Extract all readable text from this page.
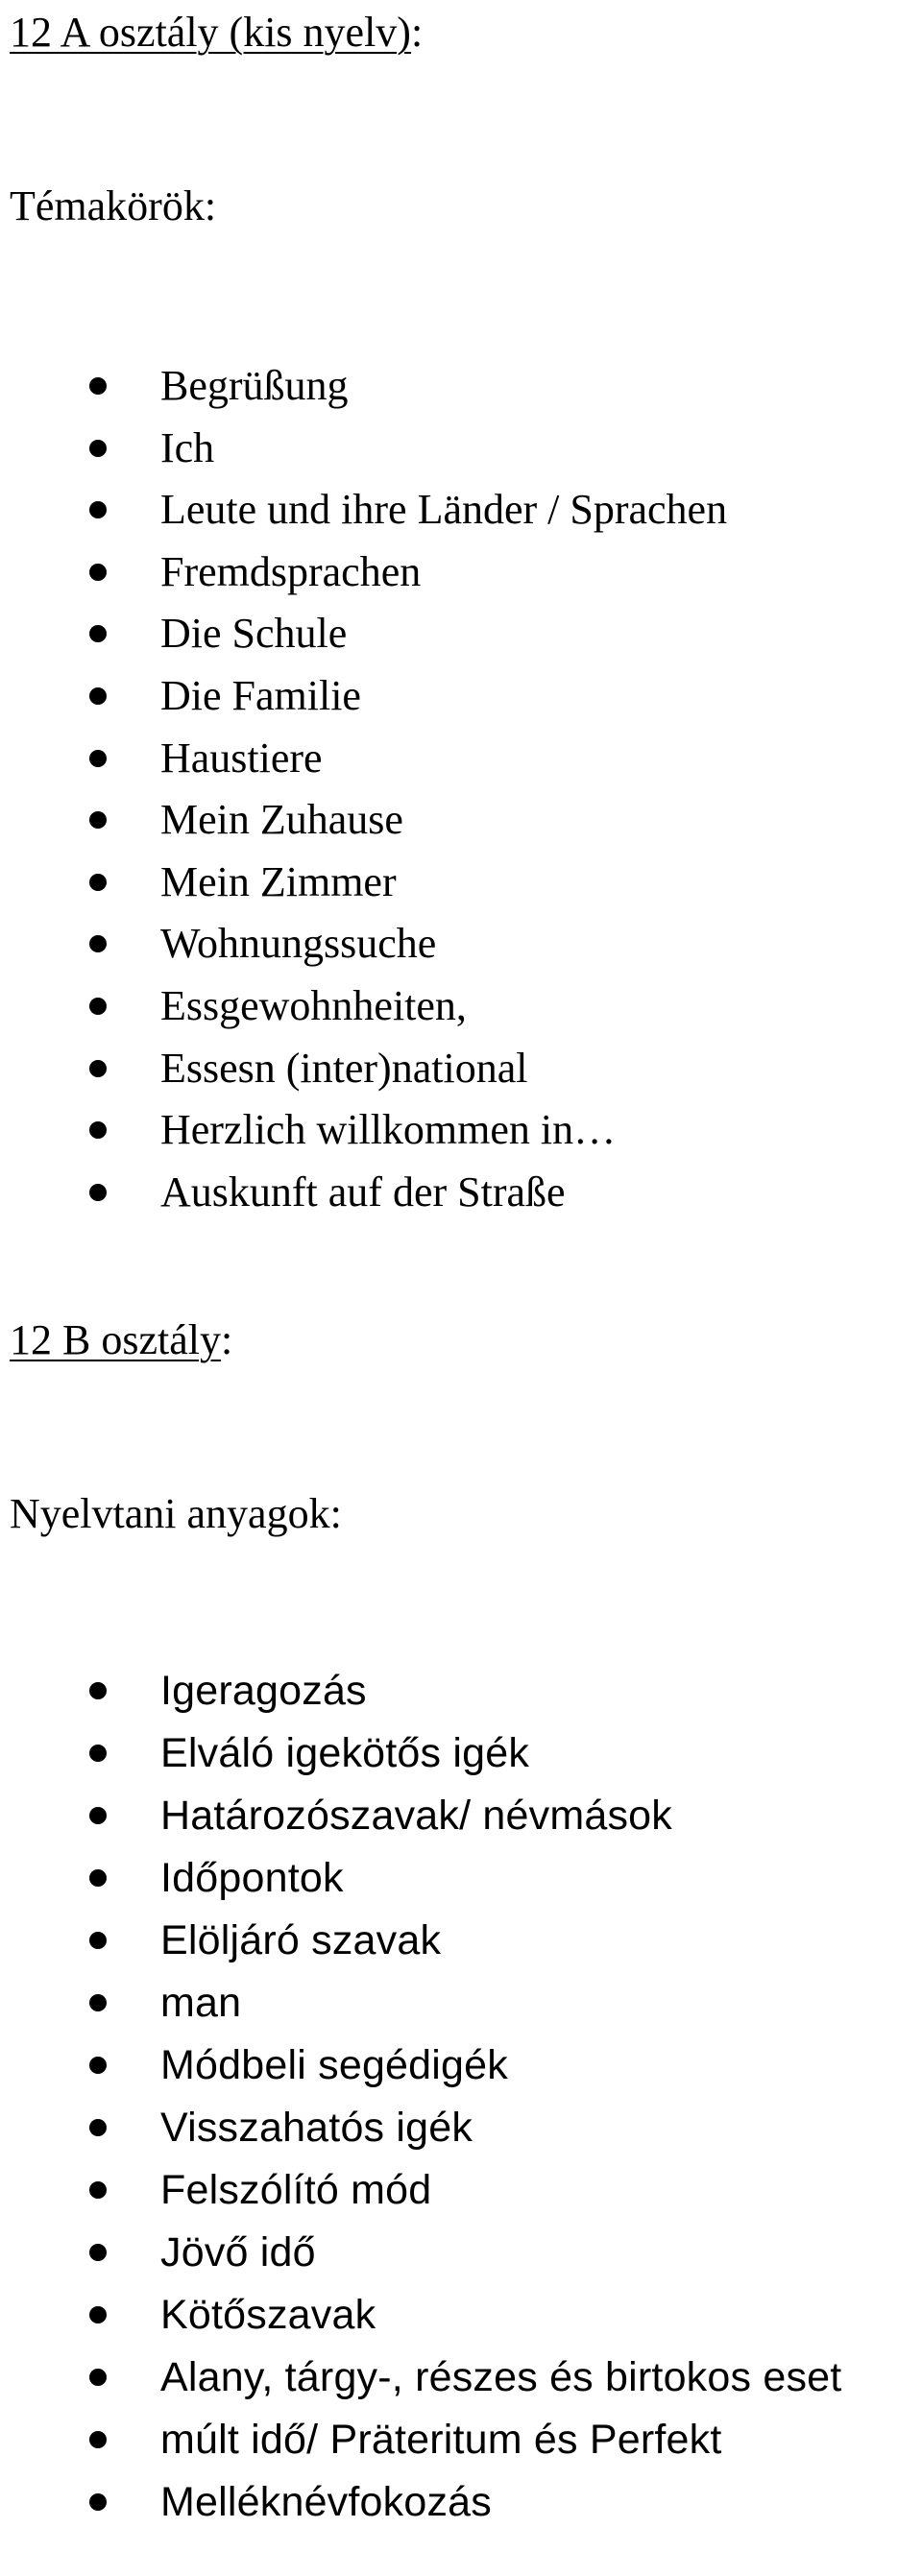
12 A osztály (kis nyelv):

Témakörök:

Begrüßung
Ich
Leute und ihre Länder / Sprachen
Fremdsprachen
Die Schule
Die Familie
Haustiere
Mein Zuhause
Mein Zimmer
Wohnungssuche
Essgewohnheiten,
Essesn (inter)national
Herzlich willkommen in…
Auskunft auf der Straße
12 B osztály:

Nyelvtani anyagok:

Igeragozás
Elváló igekötős igék
Határozószavak/ névmások
Időpontok
Elöljáró szavak
man
Módbeli segédigék
Visszahatós igék
Felszólító mód
Jövő idő
Kötőszavak
Alany, tárgy-, részes és birtokos eset
múlt idő/ Präteritum és Perfekt
Melléknévfokozás
